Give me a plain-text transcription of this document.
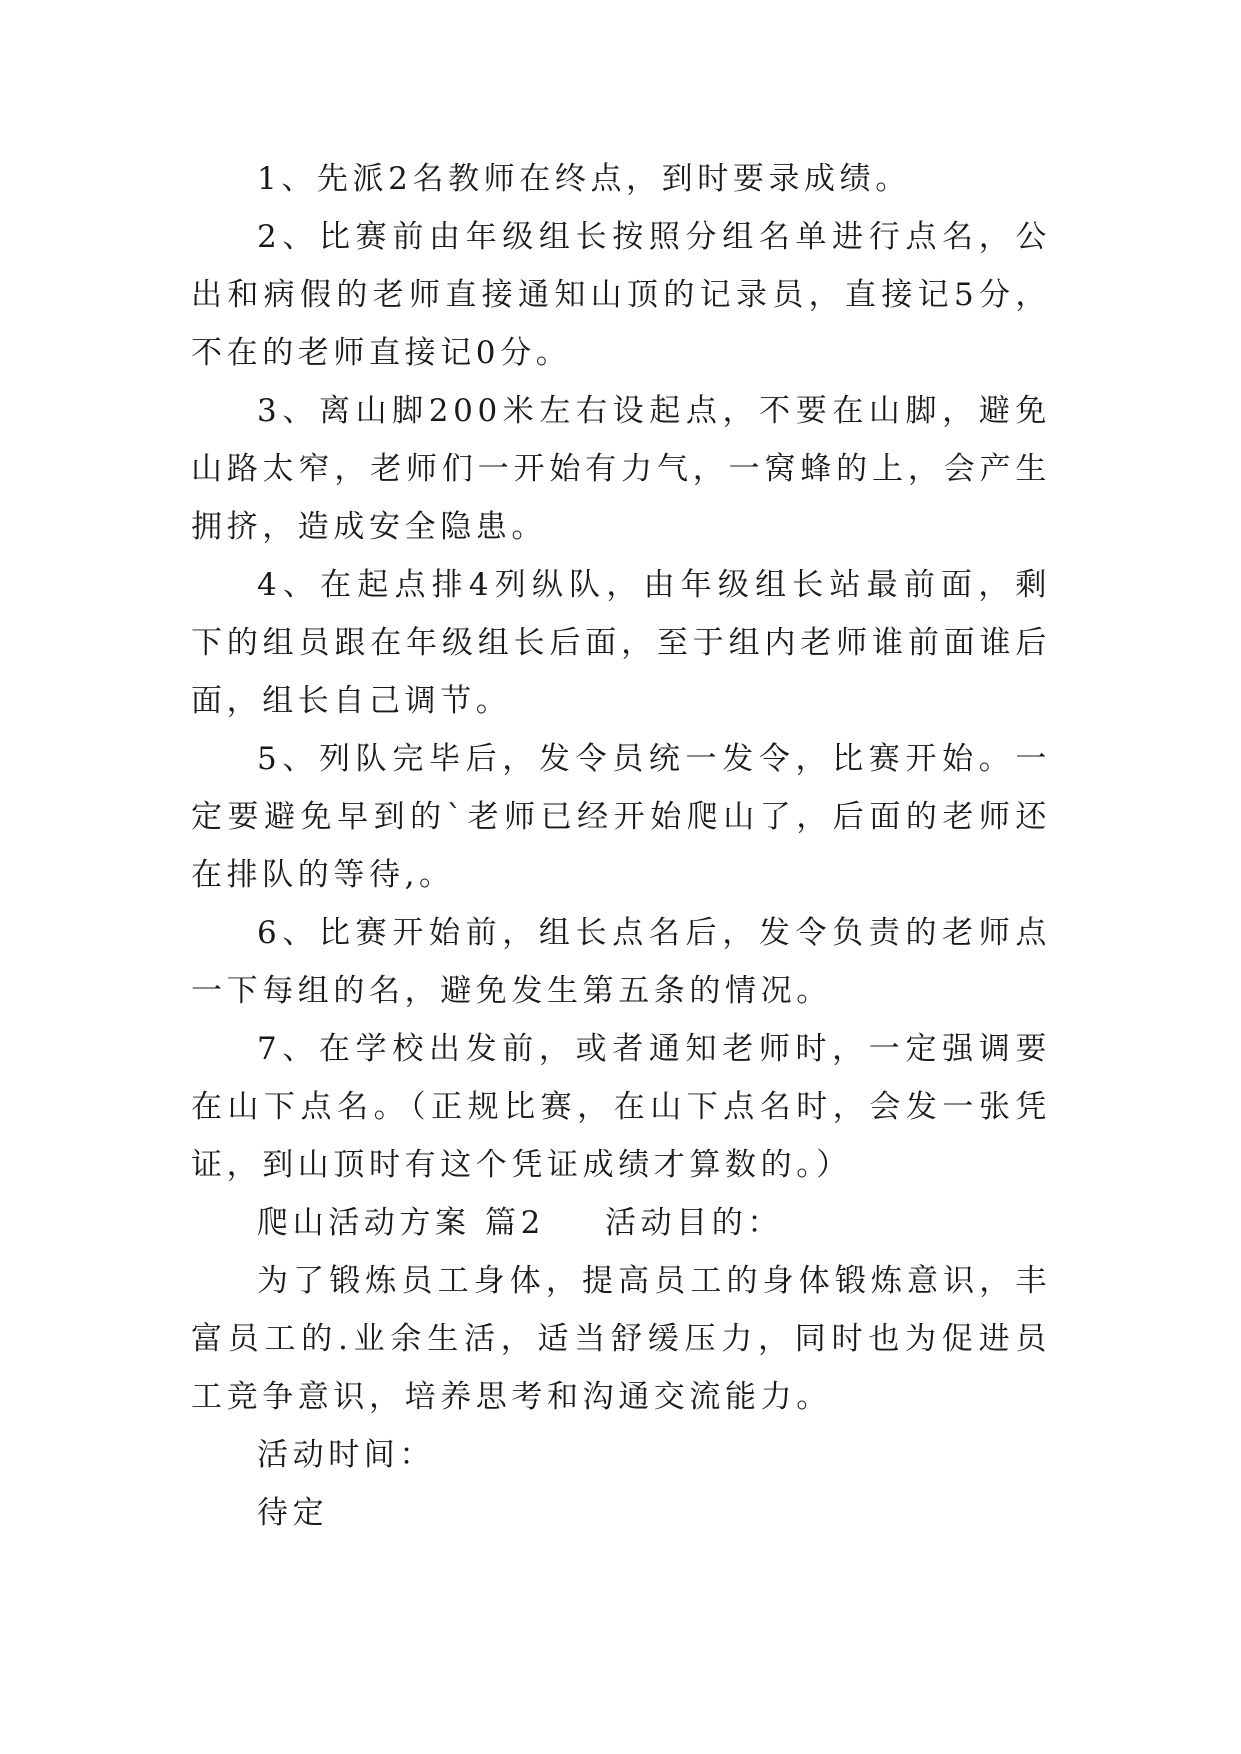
1、先派2名教师在终点，到时要录成绩。

2、比赛前由年级组长按照分组名单进行点名，公出和病假的老师直接通知山顶的记录员，直接记5分，不在的老师直接记0分。

3、离山脚200米左右设起点，不要在山脚，避免山路太窄，老师们一开始有力气，一窝蜂的上，会产生拥挤，造成安全隐患。

4、在起点排4列纵队，由年级组长站最前面，剩下的组员跟在年级组长后面，至于组内老师谁前面谁后面，组长自己调节。

5、列队完毕后，发令员统一发令，比赛开始。一定要避免早到的`老师已经开始爬山了，后面的老师还在排队的等待,。

6、比赛开始前，组长点名后，发令负责的老师点一下每组的名，避免发生第五条的情况。

7、在学校出发前，或者通知老师时，一定强调要在山下点名。（正规比赛，在山下点名时，会发一张凭证，到山顶时有这个凭证成绩才算数的。）

爬山活动方案 篇2 活动目的：

为了锻炼员工身体，提高员工的身体锻炼意识，丰富员工的.业余生活，适当舒缓压力，同时也为促进员工竞争意识，培养思考和沟通交流能力。

活动时间：

待定
